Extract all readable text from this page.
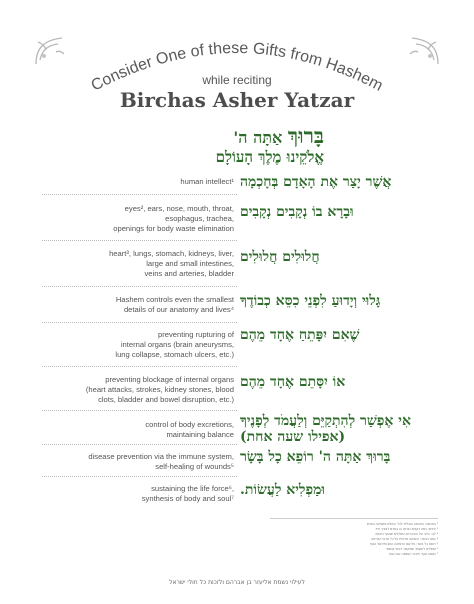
Consider One of these Gifts from Hashem
while reciting
Birchas Asher Yatzar
בָּרוּךְ אַתָּה ה'
אֱלֹקֵינוּ מֶלֶךְ הָעוֹלָם
human intellect¹ אֲשֶׁר יָצַר אֶת הָאָדָם בְּחָכְמָה
eyes², ears, nose, mouth, throat,
esophagus, trachea,
openings for body waste elimination
וּבָרָא בוֹ נְקָבִים נְקָבִים
heart³, lungs, stomach, kidneys, liver,
large and small intestines,
veins and arteries, bladder
חֲלוּלִים חֲלוּלִים
Hashem controls even the smallest
details of our anatomy and lives⁴
גָּלוּי וְיָדוּעַ לִפְנֵי כִסֵּא כְבוֹדֶךָ
preventing rupturing of
internal organs (brain aneurysms,
lung collapse, stomach ulcers, etc.)
שֶׁאִם יִפָּתֵחַ אֶחָד מֵהֶם
preventing blockage of internal organs
(heart attacks, strokes, kidney stones, blood
clots, bladder and bowel disruption, etc.)
אוֹ יִסָּתֵם אֶחָד מֵהֶם
control of body excretions,
maintaining balance
אִי אֶפְשַׁר לְהִתְקַיֵּם וְלַעֲמֹד לְפָנֶיךָ
(אפילו שעה אחת)
disease prevention via the immune system,
self-healing of wounds⁵
בָּרוּךְ אַתָּה ה' רוֹפֵא כָל בָּשָׂר
sustaining the life force⁶,
synthesis of body and soul⁷
וּמַפְלִיא לַעֲשׂוֹת.
¹ בחכמה: בחכמה הנגלית לכל העולם ומופיעה באדם
² עינים: כמה נקבים נבראו בו באדם לצורך חייו
³ לב: הלב וכל האיברים החלולים שבגוף האדם
⁴ כסא כבודך: השגחה פרטית על כל פרטי הבריאה
⁵ רופא כל בשר: על שם הרפואה הטבעית של הגוף
⁶ ומפליא לעשות: שמקשר רוחני בגשמי
⁷ נשמה וגוף: חיבור הנשמה עם הגוף
לעילוי נשמת אליעזר בן אברהם ולזכות כל חולי ישראל
